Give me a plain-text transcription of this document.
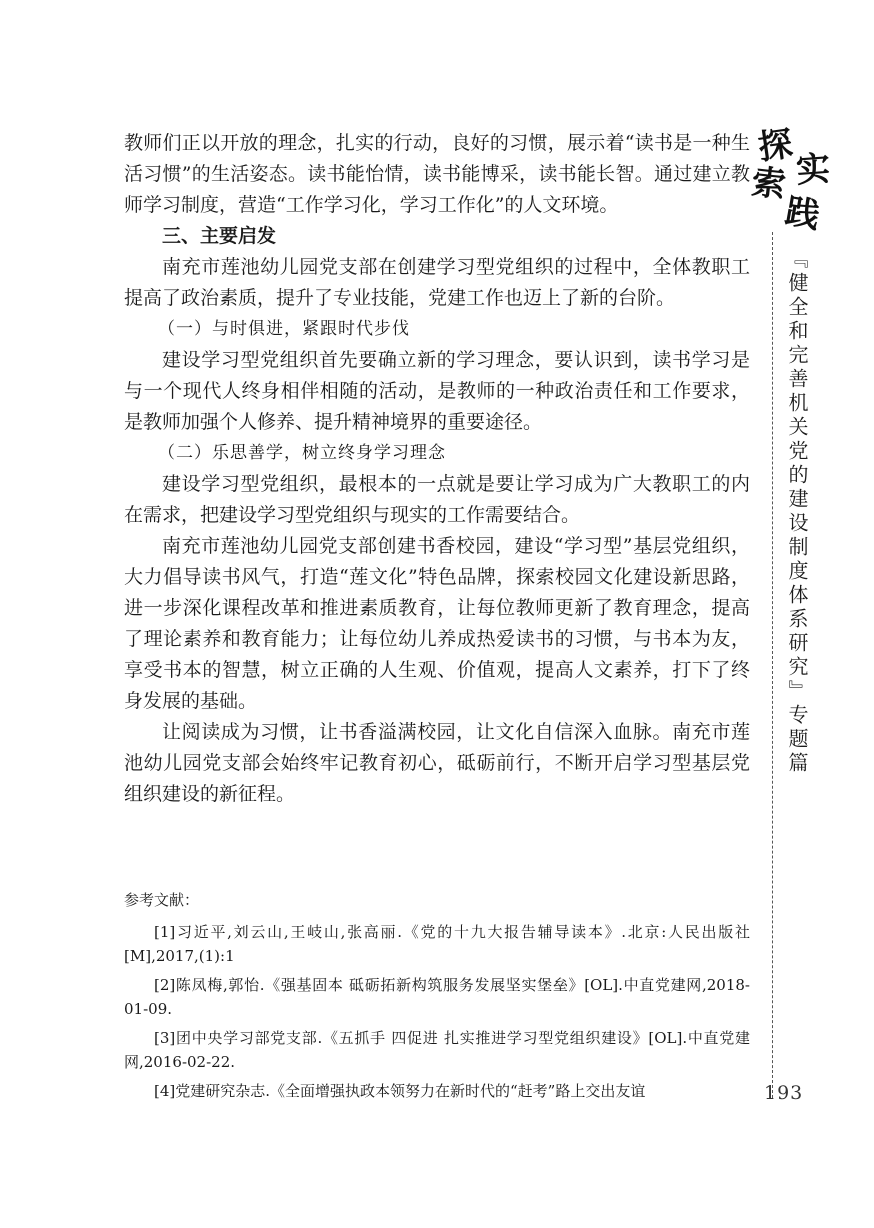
探
索 实
践
『健全和完善机关党的建设制度体系研究』专题篇

教师们正以开放的理念，扎实的行动，良好的习惯，展示着“读书是一种生活习惯”的生活姿态。读书能怡情，读书能博采，读书能长智。通过建立教师学习制度，营造“工作学习化，学习工作化”的人文环境。

三、主要启发

南充市莲池幼儿园党支部在创建学习型党组织的过程中，全体教职工提高了政治素质，提升了专业技能，党建工作也迈上了新的台阶。

（一）与时俱进，紧跟时代步伐

建设学习型党组织首先要确立新的学习理念，要认识到，读书学习是与一个现代人终身相伴相随的活动，是教师的一种政治责任和工作要求，是教师加强个人修养、提升精神境界的重要途径。

（二）乐思善学，树立终身学习理念

建设学习型党组织，最根本的一点就是要让学习成为广大教职工的内在需求，把建设学习型党组织与现实的工作需要结合。

南充市莲池幼儿园党支部创建书香校园，建设“学习型”基层党组织，大力倡导读书风气，打造“莲文化”特色品牌，探索校园文化建设新思路，进一步深化课程改革和推进素质教育，让每位教师更新了教育理念，提高了理论素养和教育能力；让每位幼儿养成热爱读书的习惯，与书本为友，享受书本的智慧，树立正确的人生观、价值观，提高人文素养，打下了终身发展的基础。

让阅读成为习惯，让书香溢满校园，让文化自信深入血脉。南充市莲池幼儿园党支部会始终牢记教育初心，砥砺前行，不断开启学习型基层党组织建设的新征程。

参考文献：

[1]习近平,刘云山,王岐山,张高丽.《党的十九大报告辅导读本》.北京:人民出版社[M],2017,(1):1

[2]陈凤梅,郭怡.《强基固本 砥砺拓新构筑服务发展坚实堡垒》[OL].中直党建网,2018-01-09.

[3]团中央学习部党支部.《五抓手 四促进 扎实推进学习型党组织建设》[OL].中直党建网,2016-02-22.

[4]党建研究杂志.《全面增强执政本领努力在新时代的“赶考”路上交出友谊	193
